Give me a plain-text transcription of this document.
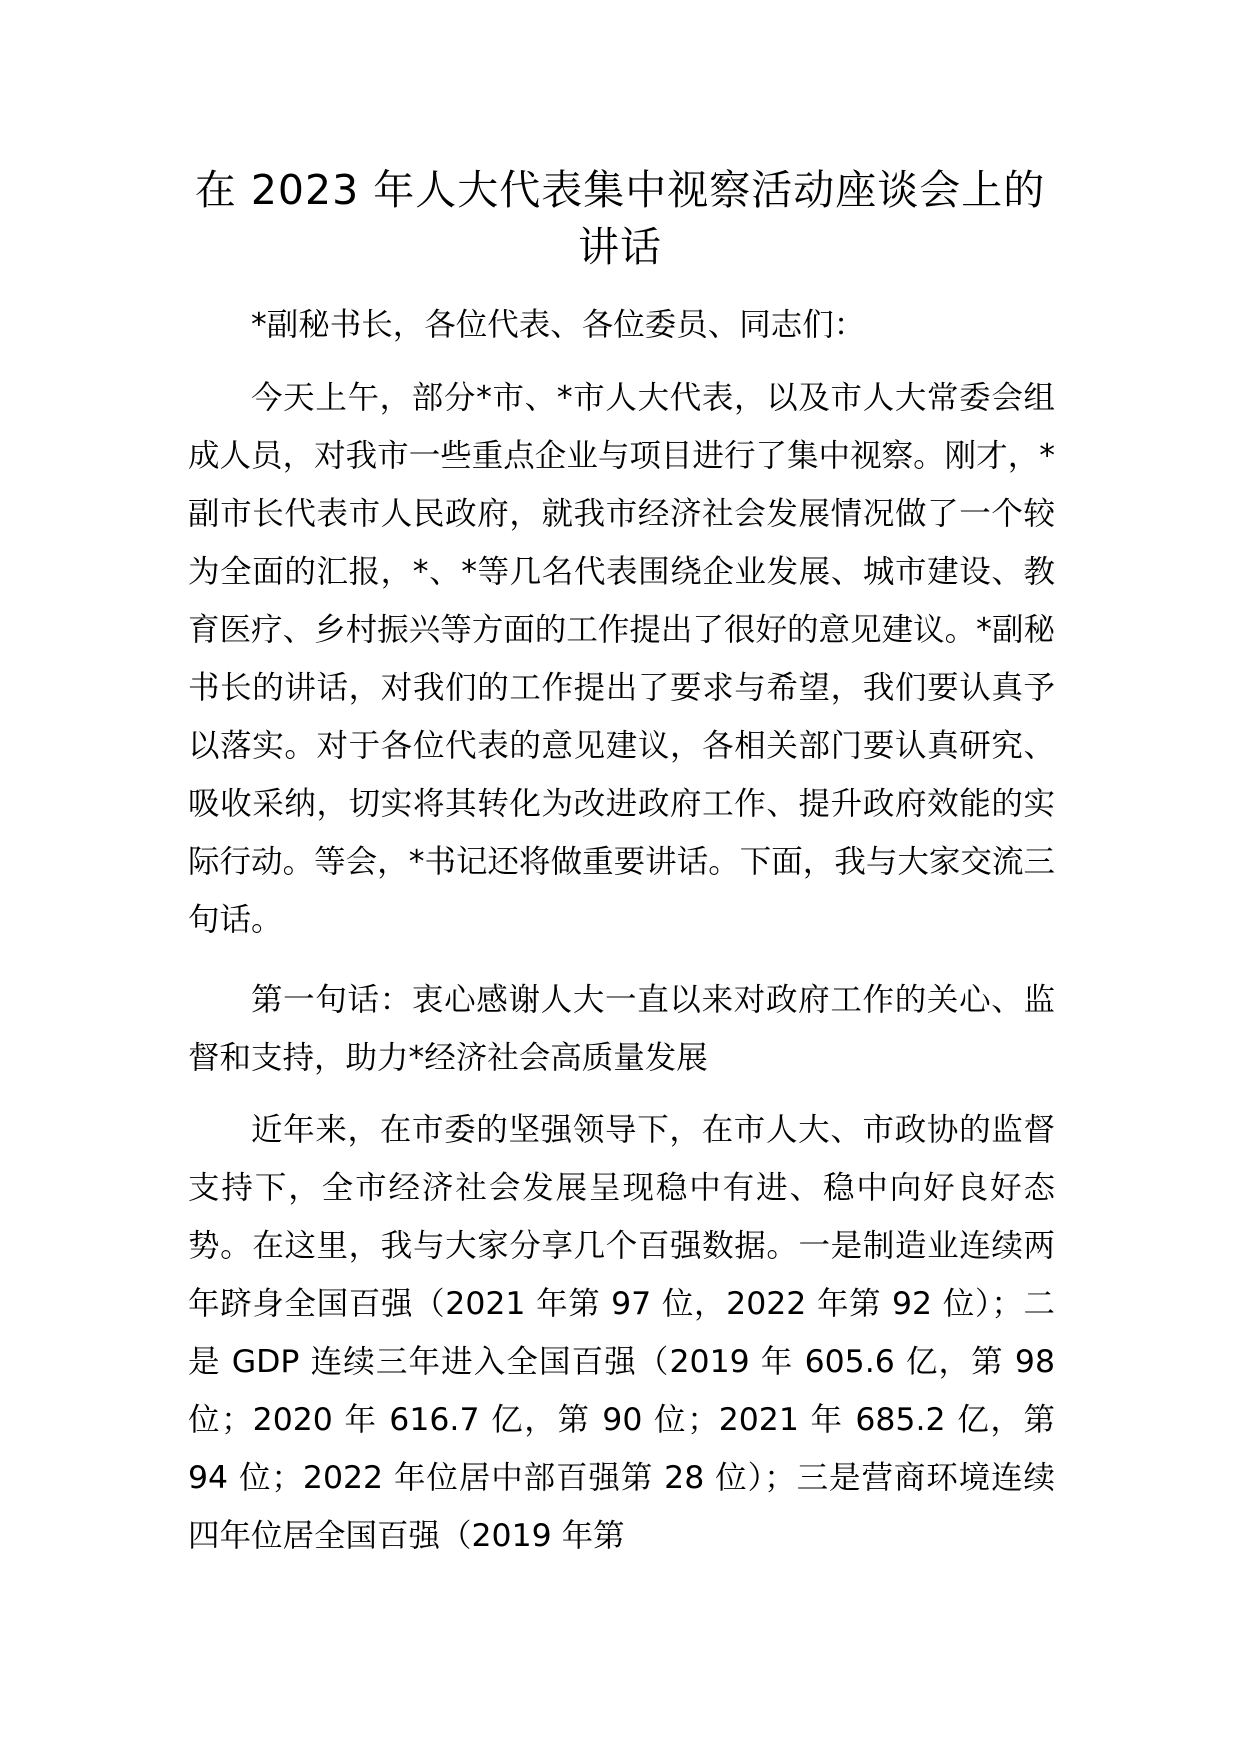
在 2023 年人大代表集中视察活动座谈会上的讲话

*副秘书长，各位代表、各位委员、同志们：

今天上午，部分*市、*市人大代表，以及市人大常委会组成人员，对我市一些重点企业与项目进行了集中视察。刚才，*副市长代表市人民政府，就我市经济社会发展情况做了一个较为全面的汇报，*、*等几名代表围绕企业发展、城市建设、教育医疗、乡村振兴等方面的工作提出了很好的意见建议。*副秘书长的讲话，对我们的工作提出了要求与希望，我们要认真予以落实。对于各位代表的意见建议，各相关部门要认真研究、吸收采纳，切实将其转化为改进政府工作、提升政府效能的实际行动。等会，*书记还将做重要讲话。下面，我与大家交流三句话。

第一句话：衷心感谢人大一直以来对政府工作的关心、监督和支持，助力*经济社会高质量发展

近年来，在市委的坚强领导下，在市人大、市政协的监督支持下，全市经济社会发展呈现稳中有进、稳中向好良好态势。在这里，我与大家分享几个百强数据。一是制造业连续两年跻身全国百强（2021 年第 97 位，2022 年第 92 位）；二是 GDP 连续三年进入全国百强（2019 年 605.6 亿，第 98 位；2020 年 616.7 亿，第 90 位；2021 年 685.2 亿，第 94 位；2022 年位居中部百强第 28 位）；三是营商环境连续四年位居全国百强（2019 年第
